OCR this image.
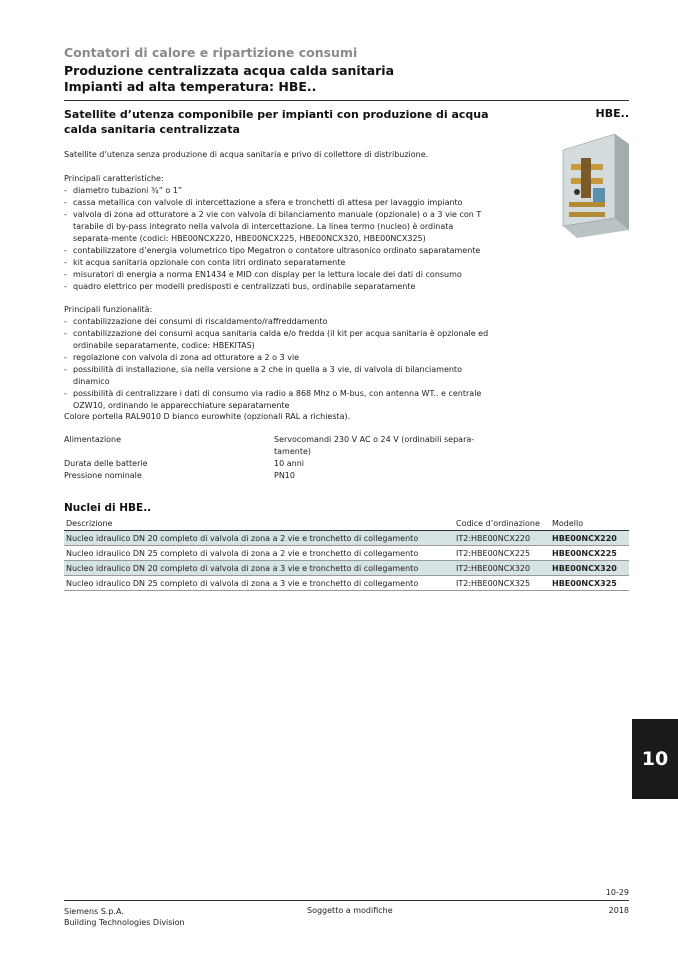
Contatori di calore e ripartizione consumi
Produzione centralizzata acqua calda sanitaria
Impianti ad alta temperatura: HBE..
Satellite d’utenza componibile per impianti con produzione di acqua calda sanitaria centralizzata
HBE..
Satellite d’utenza senza produzione di acqua sanitaria e privo di collettore di distribuzione.
Principali caratteristiche:
- diametro tubazioni ¾” o 1”
- cassa metallica con valvole di intercettazione a sfera e tronchetti di attesa per lavaggio impianto
- valvola di zona ad otturatore a 2 vie con valvola di bilanciamento manuale (opzionale) o a 3 vie con T tarabile di by-pass integrato nella valvola di intercettazione. La linea termo (nucleo) è ordinata separata-mente (codici: HBE00NCX220, HBE00NCX225, HBE00NCX320, HBE00NCX325)
- contabilizzatore d’energia volumetrico tipo Megatron o contatore ultrasonico ordinato saparatamente
- kit acqua sanitaria opzionale con conta litri ordinato separatamente
- misuratori di energia a norma EN1434 e MID con display per la lettura locale dei dati di consumo
- quadro elettrico per modelli predisposti e centralizzati bus, ordinabile separatamente
Principali funzionalità:
- contabilizzazione dei consumi di riscaldamento/raffreddamento
- contabilizzazione dei consumi acqua sanitaria calda e/o fredda (il kit per acqua sanitaria è opzionale ed ordinabile separatamente, codice: HBEKITAS)
- regolazione con valvola di zona ad otturatore a 2 o 3 vie
- possibilità di installazione, sia nella versione a 2 che in quella a 3 vie, di valvola di bilanciamento dinamico
- possibilità di centralizzare i dati di consumo via radio a 868 Mhz o M-bus, con antenna WT.. e centrale OZW10, ordinando le apparecchiature separatamente
Colore portella RAL9010 D bianco eurowhite (opzionali RAL a richiesta).
Alimentazione	Servocomandi 230 V AC o 24 V (ordinabili separa-tamente)
Durata delle batterie	10 anni
Pressione nominale	PN10
Nuclei di HBE..
Descrizione	Codice d’ordinazione	Modello
Nucleo idraulico DN 20 completo di valvola di zona a 2 vie e tronchetto di collegamento	IT2:HBE00NCX220	HBE00NCX220
Nucleo idraulico DN 25 completo di valvola di zona a 2 vie e tronchetto di collegamento	IT2:HBE00NCX225	HBE00NCX225
Nucleo idraulico DN 20 completo di valvola di zona a 3 vie e tronchetto di collegamento	IT2:HBE00NCX320	HBE00NCX320
Nucleo idraulico DN 25 completo di valvola di zona a 3 vie e tronchetto di collegamento	IT2:HBE00NCX325	HBE00NCX325
10
10-29
Siemens S.p.A.
Building Technologies Division
Soggetto a modifiche	2018
